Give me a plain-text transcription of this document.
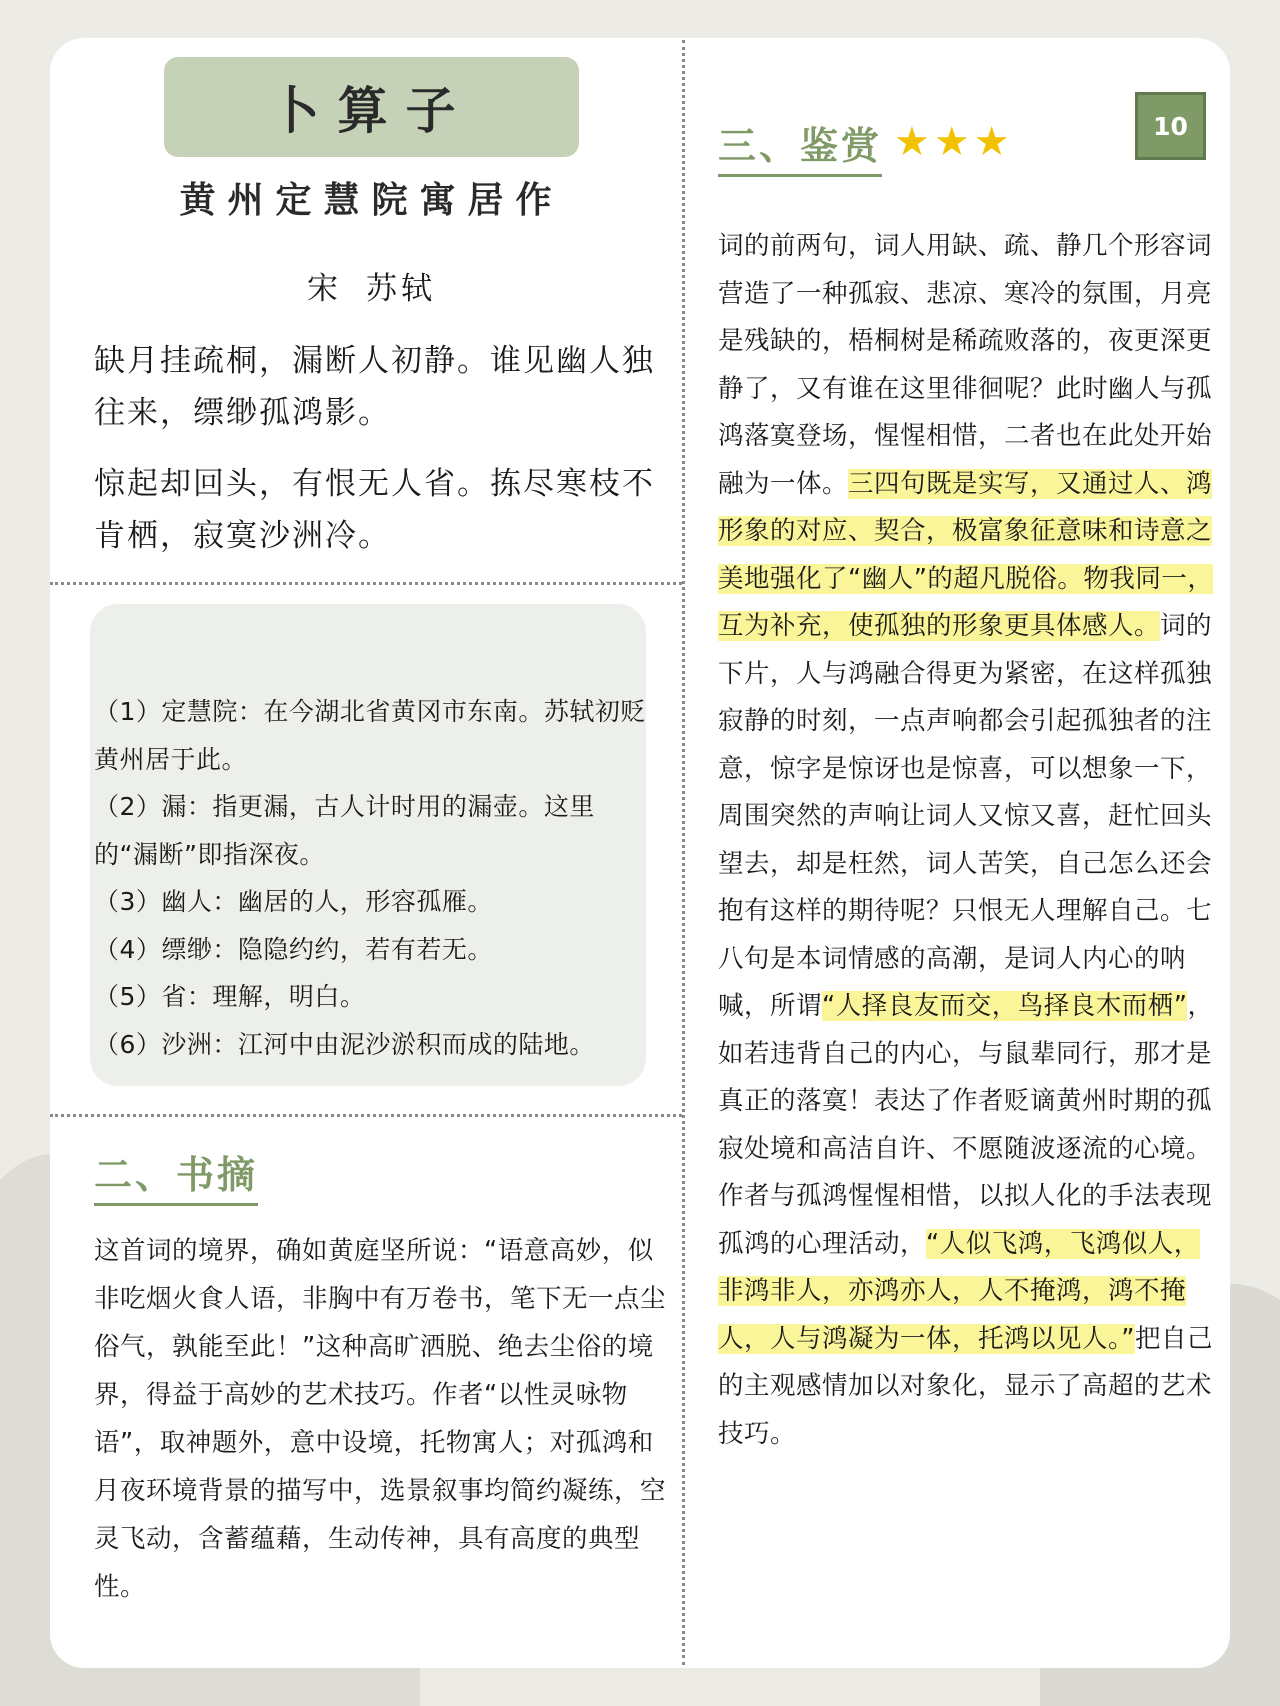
卜算子
黄州定慧院寓居作
宋 苏轼
缺月挂疏桐，漏断人初静。谁见幽人独往来，缥缈孤鸿影。
惊起却回头，有恨无人省。拣尽寒枝不肯栖，寂寞沙洲冷。
（1）定慧院：在今湖北省黄冈市东南。苏轼初贬黄州居于此。
（2）漏：指更漏，古人计时用的漏壶。这里的“漏断”即指深夜。
（3）幽人：幽居的人，形容孤雁。
（4）缥缈：隐隐约约，若有若无。
（5）省：理解，明白。
（6）沙洲：江河中由泥沙淤积而成的陆地。
二、书摘
这首词的境界，确如黄庭坚所说：“语意高妙，似非吃烟火食人语，非胸中有万卷书，笔下无一点尘俗气，孰能至此！”这种高旷洒脱、绝去尘俗的境界，得益于高妙的艺术技巧。作者“以性灵咏物语”，取神题外，意中设境，托物寓人；对孤鸿和月夜环境背景的描写中，选景叙事均简约凝练，空灵飞动，含蓄蕴藉，生动传神，具有高度的典型性。
10
三、鉴赏 ★★★
词的前两句，词人用缺、疏、静几个形容词营造了一种孤寂、悲凉、寒冷的氛围，月亮是残缺的，梧桐树是稀疏败落的，夜更深更静了，又有谁在这里徘徊呢？此时幽人与孤鸿落寞登场，惺惺相惜，二者也在此处开始融为一体。三四句既是实写，又通过人、鸿形象的对应、契合，极富象征意味和诗意之美地强化了“幽人”的超凡脱俗。物我同一，互为补充，使孤独的形象更具体感人。词的下片，人与鸿融合得更为紧密，在这样孤独寂静的时刻，一点声响都会引起孤独者的注意，惊字是惊讶也是惊喜，可以想象一下，周围突然的声响让词人又惊又喜，赶忙回头望去，却是枉然，词人苦笑，自己怎么还会抱有这样的期待呢？只恨无人理解自己。七八句是本词情感的高潮，是词人内心的呐喊，所谓“人择良友而交，鸟择良木而栖”，如若违背自己的内心，与鼠辈同行，那才是真正的落寞！表达了作者贬谪黄州时期的孤寂处境和高洁自许、不愿随波逐流的心境。作者与孤鸿惺惺相惜，以拟人化的手法表现孤鸿的心理活动，“人似飞鸿，飞鸿似人，非鸿非人，亦鸿亦人，人不掩鸿，鸿不掩人，人与鸿凝为一体，托鸿以见人。”把自己的主观感情加以对象化，显示了高超的艺术技巧。
